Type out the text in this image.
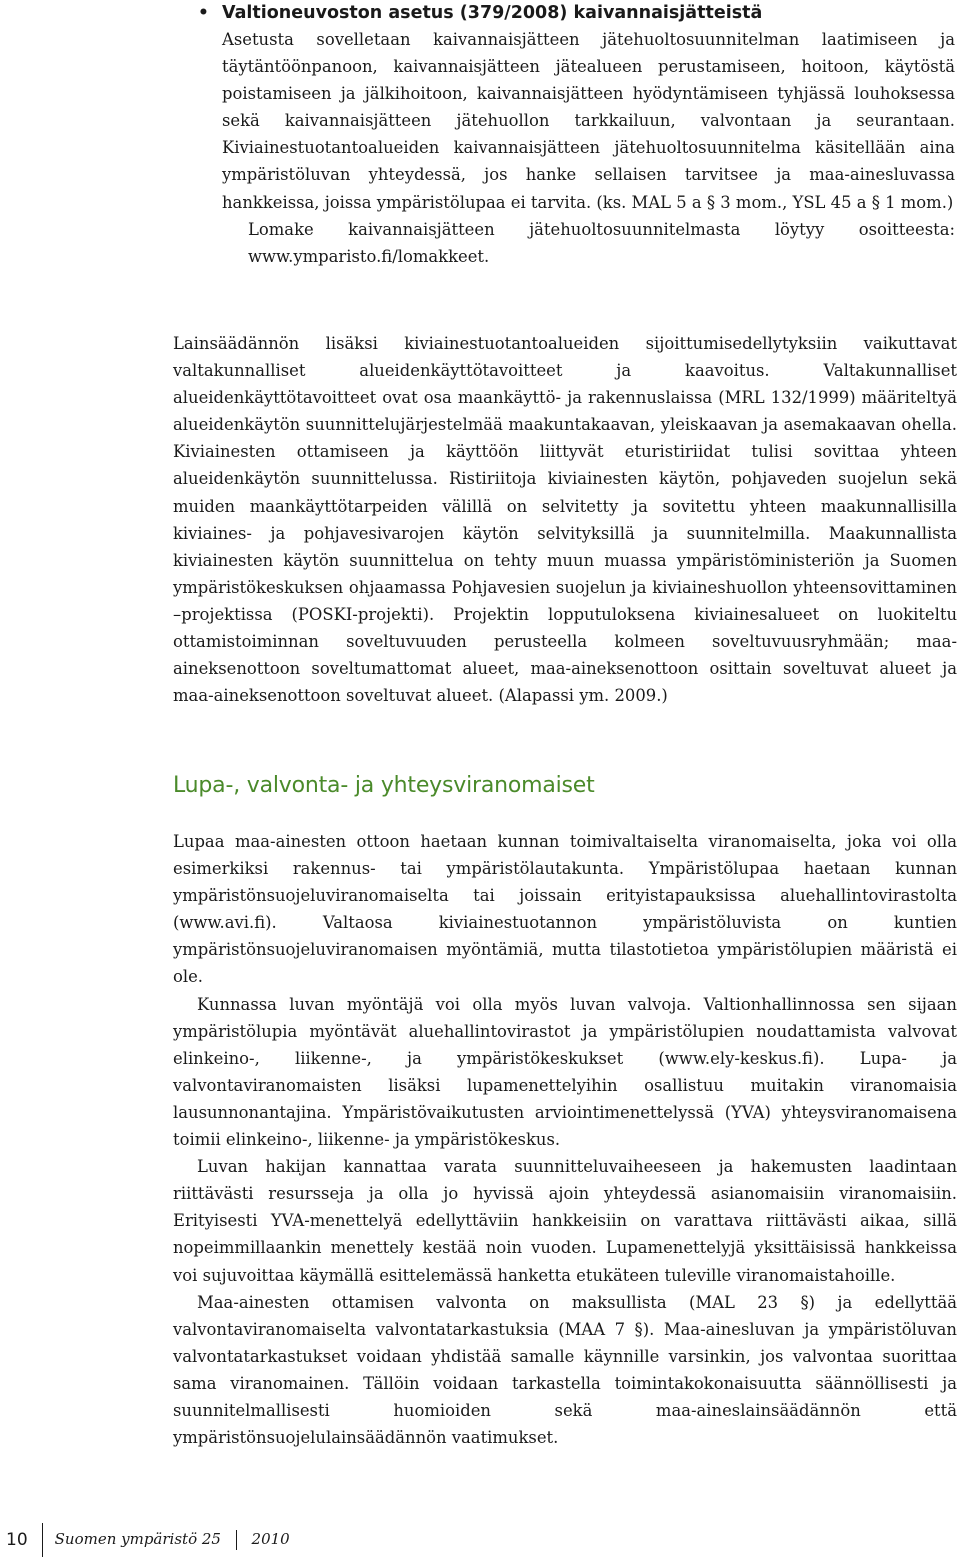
• Valtioneuvoston asetus (379/2008) kaivannaisjätteistä

Asetusta sovelletaan kaivannaisjätteen jätehuoltosuunnitelman laatimiseen ja täytäntöönpanoon, kaivannaisjätteen jätealueen perustamiseen, hoitoon, käytöstä poistamiseen ja jälkihoitoon, kaivannaisjätteen hyödyntämiseen tyhjässä louhoksessa sekä kaivannaisjätteen jätehuollon tarkkailuun, valvontaan ja seurantaan. Kiviainestuotantoalueiden kaivannaisjätteen jätehuoltosuunnitelma käsitellään aina ympäristöluvan yhteydessä, jos hanke sellaisen tarvitsee ja maa-ainesluvassa hankkeissa, joissa ympäristölupaa ei tarvita. (ks. MAL 5 a § 3 mom., YSL 45 a § 1 mom.)

Lomake kaivannaisjätteen jätehuoltosuunnitelmasta löytyy osoitteesta: www.ymparisto.fi/lomakkeet.

Lainsäädännön lisäksi kiviainestuotantoalueiden sijoittumisedellytyksiin vaikuttavat valtakunnalliset alueidenkäyttötavoitteet ja kaavoitus. Valtakunnalliset alueidenkäyttötavoitteet ovat osa maankäyttö- ja rakennuslaissa (MRL 132/1999) määriteltyä alueidenkäytön suunnittelujärjestelmää maakuntakaavan, yleiskaavan ja asemakaavan ohella. Kiviainesten ottamiseen ja käyttöön liittyvät eturistiriidat tulisi sovittaa yhteen alueidenkäytön suunnittelussa. Ristiriitoja kiviainesten käytön, pohjaveden suojelun sekä muiden maankäyttötarpeiden välillä on selvitetty ja sovitettu yhteen maakunnallisilla kiviaines- ja pohjavesivarojen käytön selvityksillä ja suunnitelmilla. Maakunnallista kiviainesten käytön suunnittelua on tehty muun muassa ympäristöministeriön ja Suomen ympäristökeskuksen ohjaamassa Pohjavesien suojelun ja kiviaineshuollon yhteensovittaminen –projektissa (POSKI-projekti). Projektin lopputuloksena kiviainesalueet on luokiteltu ottamistoiminnan soveltuvuuden perusteella kolmeen soveltuvuusryhmään; maa-aineksenottoon soveltumattomat alueet, maa-aineksenottoon osittain soveltuvat alueet ja maa-aineksenottoon soveltuvat alueet. (Alapassi ym. 2009.)

Lupa-, valvonta- ja yhteysviranomaiset

Lupaa maa-ainesten ottoon haetaan kunnan toimivaltaiselta viranomaiselta, joka voi olla esimerkiksi rakennus- tai ympäristölautakunta. Ympäristölupaa haetaan kunnan ympäristönsuojeluviranomaiselta tai joissain erityistapauksissa aluehallintovirastolta (www.avi.fi). Valtaosa kiviainestuotannon ympäristöluvista on kuntien ympäristönsuojeluviranomaisen myöntämiä, mutta tilastotietoa ympäristölupien määristä ei ole.

Kunnassa luvan myöntäjä voi olla myös luvan valvoja. Valtionhallinnossa sen sijaan ympäristölupia myöntävät aluehallintovirastot ja ympäristölupien noudattamista valvovat elinkeino-, liikenne-, ja ympäristökeskukset (www.ely-keskus.fi). Lupa- ja valvontaviranomaisten lisäksi lupamenettelyihin osallistuu muitakin viranomaisia lausunnonantajina. Ympäristövaikutusten arviointimenettelyssä (YVA) yhteysviranomaisena toimii elinkeino-, liikenne- ja ympäristökeskus.

Luvan hakijan kannattaa varata suunnitteluvaiheeseen ja hakemusten laadintaan riittävästi resursseja ja olla jo hyvissä ajoin yhteydessä asianomaisiin viranomaisiin. Erityisesti YVA-menettelyä edellyttäviin hankkeisiin on varattava riittävästi aikaa, sillä nopeimmillaankin menettely kestää noin vuoden. Lupamenettelyjä yksittäisissä hankkeissa voi sujuvoittaa käymällä esittelemässä hanketta etukäteen tuleville viranomaistahoille.

Maa-ainesten ottamisen valvonta on maksullista (MAL 23 §) ja edellyttää valvontaviranomaiselta valvontatarkastuksia (MAA 7 §). Maa-ainesluvan ja ympäristöluvan valvontatarkastukset voidaan yhdistää samalle käynnille varsinkin, jos valvontaa suorittaa sama viranomainen. Tällöin voidaan tarkastella toimintakokonaisuutta säännöllisesti ja suunnitelmallisesti huomioiden sekä maa-aineslainsäädännön että ympäristönsuojelulainsäädännön vaatimukset.

10	Suomen ympäristö 25 2010
